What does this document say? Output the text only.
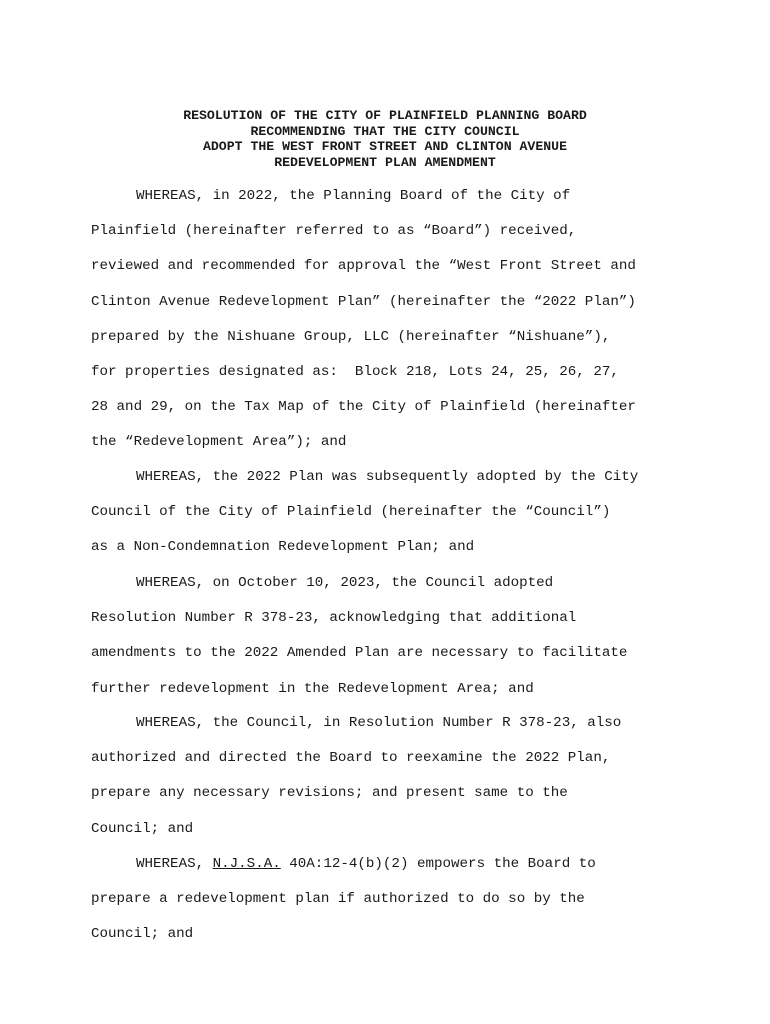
RESOLUTION OF THE CITY OF PLAINFIELD PLANNING BOARD
RECOMMENDING THAT THE CITY COUNCIL
ADOPT THE WEST FRONT STREET AND CLINTON AVENUE
REDEVELOPMENT PLAN AMENDMENT
WHEREAS, in 2022, the Planning Board of the City of
Plainfield (hereinafter referred to as “Board”) received,
reviewed and recommended for approval the “West Front Street and
Clinton Avenue Redevelopment Plan” (hereinafter the “2022 Plan”)
prepared by the Nishuane Group, LLC (hereinafter “Nishuane”),
for properties designated as:  Block 218, Lots 24, 25, 26, 27,
28 and 29, on the Tax Map of the City of Plainfield (hereinafter
the “Redevelopment Area”); and
WHEREAS, the 2022 Plan was subsequently adopted by the City
Council of the City of Plainfield (hereinafter the “Council”)
as a Non-Condemnation Redevelopment Plan; and
WHEREAS, on October 10, 2023, the Council adopted
Resolution Number R 378-23, acknowledging that additional
amendments to the 2022 Amended Plan are necessary to facilitate
further redevelopment in the Redevelopment Area; and
WHEREAS, the Council, in Resolution Number R 378-23, also
authorized and directed the Board to reexamine the 2022 Plan,
prepare any necessary revisions; and present same to the
Council; and
WHEREAS, N.J.S.A. 40A:12-4(b)(2) empowers the Board to
prepare a redevelopment plan if authorized to do so by the
Council; and
